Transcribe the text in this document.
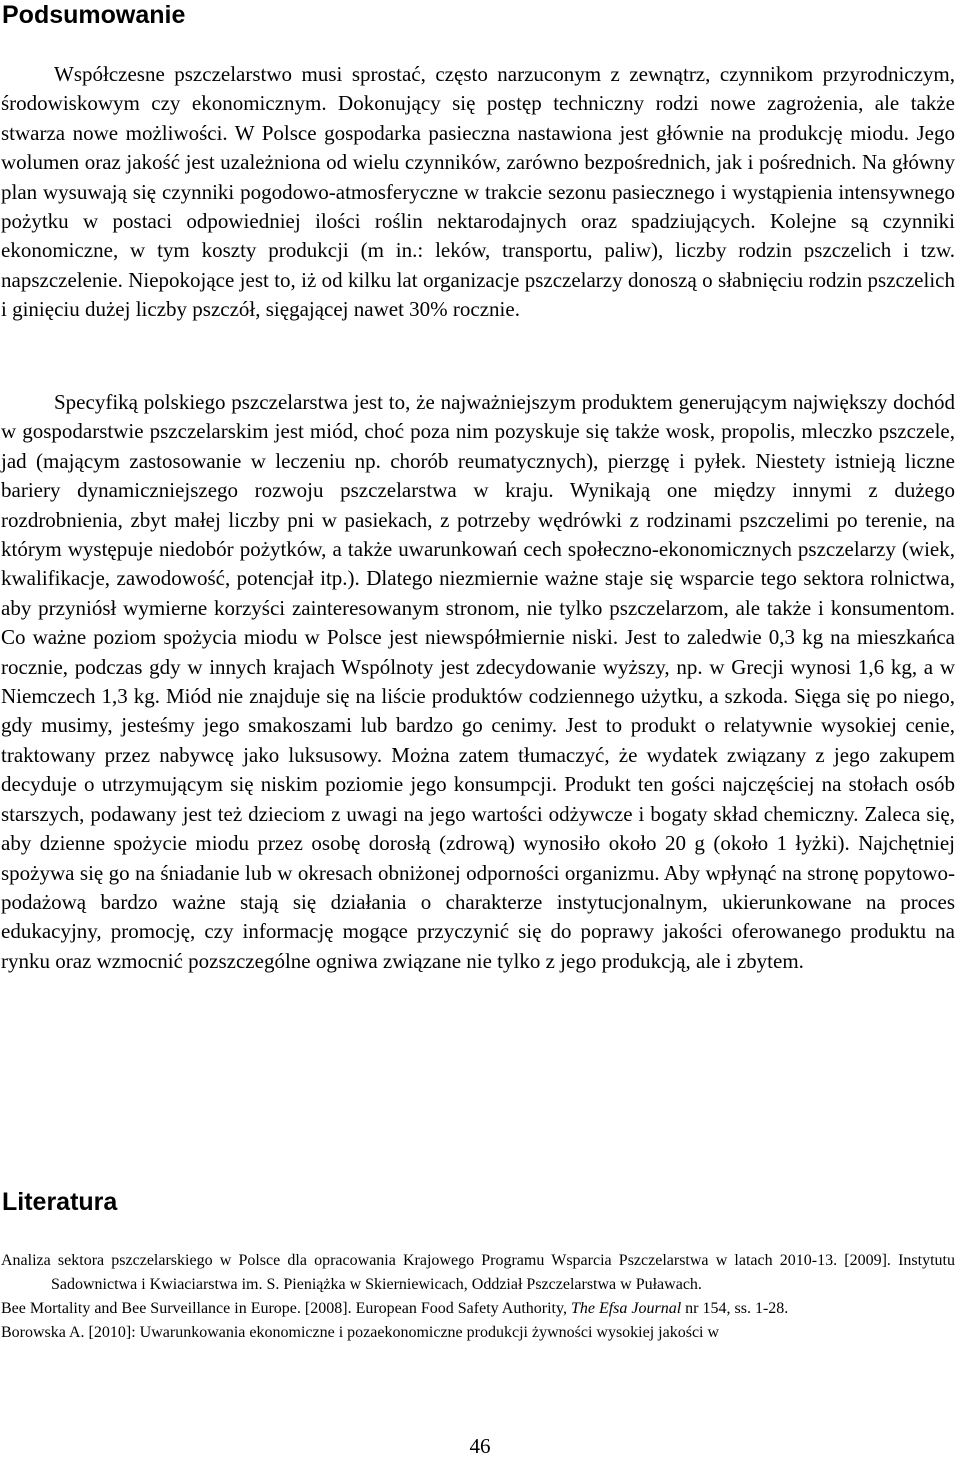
Podsumowanie

Współczesne pszczelarstwo musi sprostać, często narzuconym z zewnątrz, czynnikom przyrodniczym, środowiskowym czy ekonomicznym. Dokonujący się postęp techniczny rodzi nowe zagrożenia, ale także stwarza nowe możliwości. W Polsce gospodarka pasieczna nastawiona jest głównie na produkcję miodu. Jego wolumen oraz jakość jest uzależniona od wielu czynników, zarówno bezpośrednich, jak i pośrednich. Na główny plan wysuwają się czynniki pogodowo-atmosferyczne w trakcie sezonu pasiecznego i wystąpienia intensywnego pożytku w postaci odpowiedniej ilości roślin nektarodajnych oraz spadziujących. Kolejne są czynniki ekonomiczne, w tym koszty produkcji (m in.: leków, transportu, paliw), liczby rodzin pszczelich i tzw. napszczelenie. Niepokojące jest to, iż od kilku lat organizacje pszczelarzy donoszą o słabnięciu rodzin pszczelich i ginięciu dużej liczby pszczół, sięgającej nawet 30% rocznie.

Specyfiką polskiego pszczelarstwa jest to, że najważniejszym produktem generującym największy dochód w gospodarstwie pszczelarskim jest miód, choć poza nim pozyskuje się także wosk, propolis, mleczko pszczele, jad (mającym zastosowanie w leczeniu np. chorób reumatycznych), pierzgę i pyłek. Niestety istnieją liczne bariery dynamiczniejszego rozwoju pszczelarstwa w kraju. Wynikają one między innymi z dużego rozdrobnienia, zbyt małej liczby pni w pasiekach, z potrzeby wędrówki z rodzinami pszczelimi po terenie, na którym występuje niedobór pożytków, a także uwarunkowań cech społeczno-ekonomicznych pszczelarzy (wiek, kwalifikacje, zawodowość, potencjał itp.). Dlatego niezmiernie ważne staje się wsparcie tego sektora rolnictwa, aby przyniósł wymierne korzyści zainteresowanym stronom, nie tylko pszczelarzom, ale także i konsumentom. Co ważne poziom spożycia miodu w Polsce jest niewspółmiernie niski. Jest to zaledwie 0,3 kg na mieszkańca rocznie, podczas gdy w innych krajach Wspólnoty jest zdecydowanie wyższy, np. w Grecji wynosi 1,6 kg, a w Niemczech 1,3 kg. Miód nie znajduje się na liście produktów codziennego użytku, a szkoda. Sięga się po niego, gdy musimy, jesteśmy jego smakoszami lub bardzo go cenimy. Jest to produkt o relatywnie wysokiej cenie, traktowany przez nabywcę jako luksusowy. Można zatem tłumaczyć, że wydatek związany z jego zakupem decyduje o utrzymującym się niskim poziomie jego konsumpcji. Produkt ten gości najczęściej na stołach osób starszych, podawany jest też dzieciom z uwagi na jego wartości odżywcze i bogaty skład chemiczny. Zaleca się, aby dzienne spożycie miodu przez osobę dorosłą (zdrową) wynosiło około 20 g (około 1 łyżki). Najchętniej spożywa się go na śniadanie lub w okresach obniżonej odporności organizmu. Aby wpłynąć na stronę popytowo-podażową bardzo ważne stają się działania o charakterze instytucjonalnym, ukierunkowane na proces edukacyjny, promocję, czy informację mogące przyczynić się do poprawy jakości oferowanego produktu na rynku oraz wzmocnić pozszczególne ogniwa związane nie tylko z jego produkcją, ale i zbytem.

Literatura
Analiza sektora pszczelarskiego w Polsce dla opracowania Krajowego Programu Wsparcia Pszczelarstwa w latach 2010-13. [2009]. Instytutu Sadownictwa i Kwiaciarstwa im. S. Pieniążka w Skierniewicach, Oddział Pszczelarstwa w Puławach.
Bee Mortality and Bee Surveillance in Europe. [2008]. European Food Safety Authority, The Efsa Journal nr 154, ss. 1-28.
Borowska A. [2010]: Uwarunkowania ekonomiczne i pozaekonomiczne produkcji żywności wysokiej jakości w
46
